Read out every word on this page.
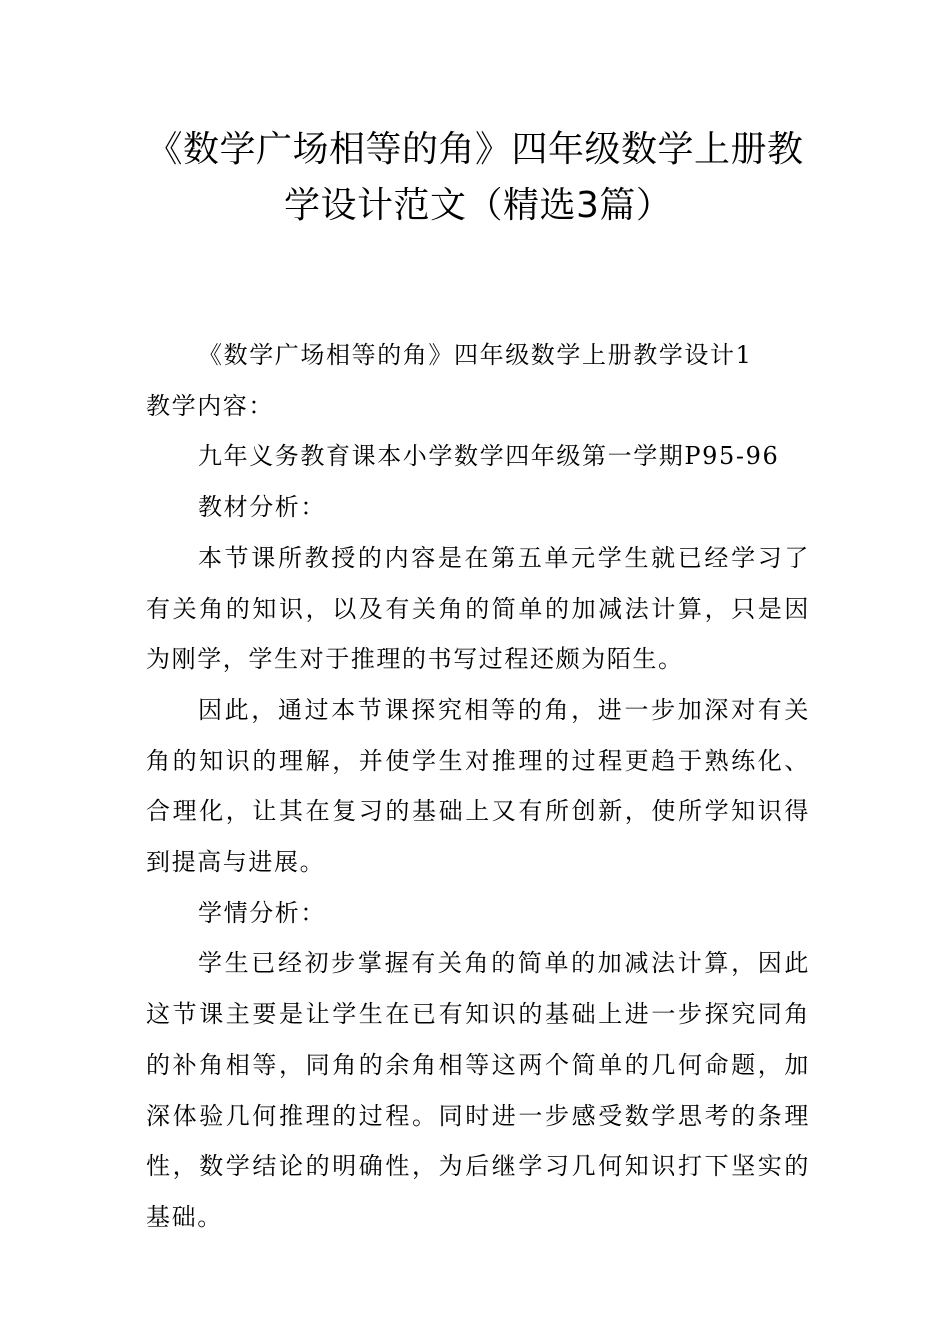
《数学广场相等的角》四年级数学上册教
学设计范文（精选3篇）

《数学广场相等的角》四年级数学上册教学设计1

教学内容：

九年义务教育课本小学数学四年级第一学期P95-96

教材分析：

本节课所教授的内容是在第五单元学生就已经学习了有关角的知识，以及有关角的简单的加减法计算，只是因为刚学，学生对于推理的书写过程还颇为陌生。

因此，通过本节课探究相等的角，进一步加深对有关角的知识的理解，并使学生对推理的过程更趋于熟练化、合理化，让其在复习的基础上又有所创新，使所学知识得到提高与进展。

学情分析：

学生已经初步掌握有关角的简单的加减法计算，因此这节课主要是让学生在已有知识的基础上进一步探究同角的补角相等，同角的余角相等这两个简单的几何命题，加深体验几何推理的过程。同时进一步感受数学思考的条理性，数学结论的明确性，为后继学习几何知识打下坚实的基础。
